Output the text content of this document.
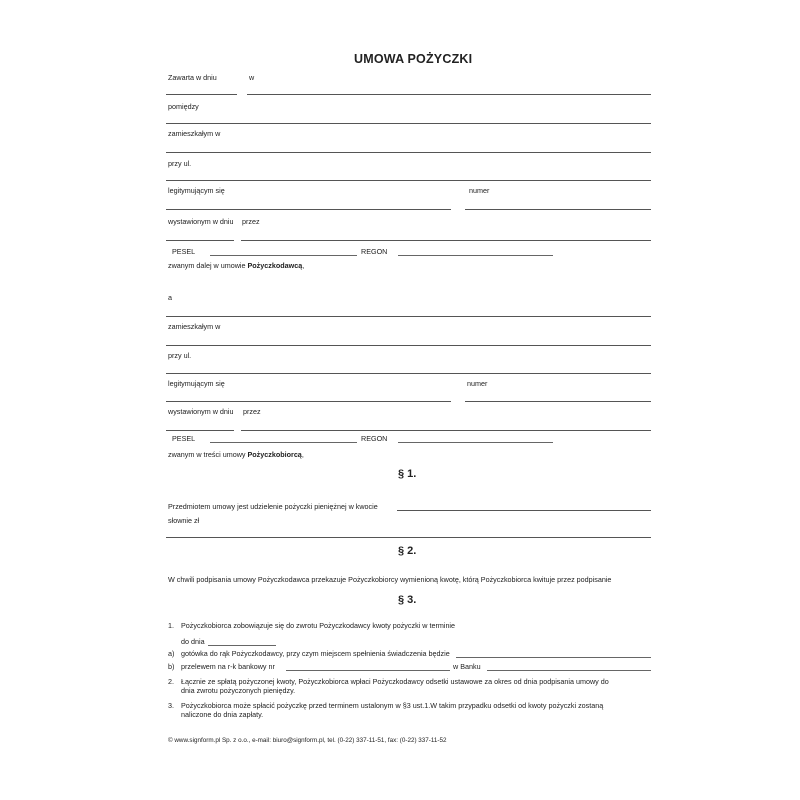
UMOWA POŻYCZKI
Zawarta w dniu	w
pomiędzy
zamieszkałym w
przy ul.
legitymującym się	numer
wystawionym w dniu przez
PESEL	REGON
zwanym dalej w umowie Pożyczkodawcą,
a
zamieszkałym w
przy ul.
legitymującym się	numer
wystawionym w dniu przez
PESEL	REGON
zwanym w treści umowy Pożyczkobiorcą,
§ 1.
Przedmiotem umowy jest udzielenie pożyczki pieniężnej w kwocie
słownie zł
§ 2.
W chwili podpisania umowy Pożyczkodawca przekazuje Pożyczkobiorcy wymienioną kwotę, którą Pożyczkobiorca kwituje przez podpisanie
§ 3.
1. Pożyczkobiorca zobowiązuje się do zwrotu Pożyczkodawcy kwoty pożyczki w terminie
do dnia
a) gotówka do rąk Pożyczkodawcy, przy czym miejscem spełnienia świadczenia będzie
b) przelewem na r-k bankowy nr	w Banku
2. Łącznie ze spłatą pożyczonej kwoty, Pożyczkobiorca wpłaci Pożyczkodawcy odsetki ustawowe za okres od dnia podpisania umowy do
dnia zwrotu pożyczonych pieniędzy.
3. Pożyczkobiorca może spłacić pożyczkę przed terminem ustalonym w §3 ust.1.W takim przypadku odsetki od kwoty pożyczki zostaną
naliczone do dnia zapłaty.
© www.signform.pl Sp. z o.o., e-mail: biuro@signform.pl, tel. (0-22) 337-11-51, fax: (0-22) 337-11-52
